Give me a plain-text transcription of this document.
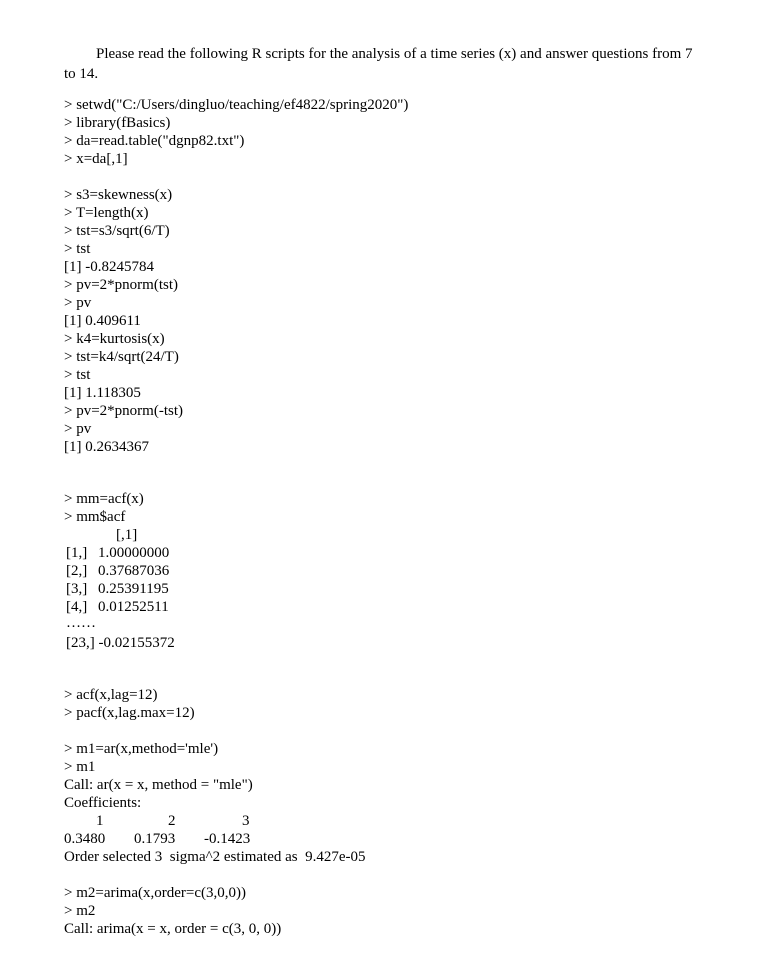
Please read the following R scripts for the analysis of a time series (x) and answer questions from 7
to 14.

> setwd("C:/Users/dingluo/teaching/ef4822/spring2020")
> library(fBasics)
> da=read.table("dgnp82.txt")
> x=da[,1]
> s3=skewness(x)
> T=length(x)
> tst=s3/sqrt(6/T)
> tst
[1] -0.8245784
> pv=2*pnorm(tst)
> pv
[1] 0.409611
> k4=kurtosis(x)
> tst=k4/sqrt(24/T)
> tst
[1] 1.118305
> pv=2*pnorm(-tst)
> pv
[1] 0.2634367
> mm=acf(x)
> mm$acf
[,1]
[1,] 1.00000000
[2,] 0.37687036
[3,] 0.25391195
[4,] 0.01252511
……
[23,] -0.02155372
> acf(x,lag=12)
> pacf(x,lag.max=12)
> m1=ar(x,method='mle')
> m1
Call: ar(x = x, method = "mle")
Coefficients:
1	2	3
0.3480 0.1793 -0.1423
Order selected 3  sigma^2 estimated as  9.427e-05
> m2=arima(x,order=c(3,0,0))
> m2
Call: arima(x = x, order = c(3, 0, 0))
